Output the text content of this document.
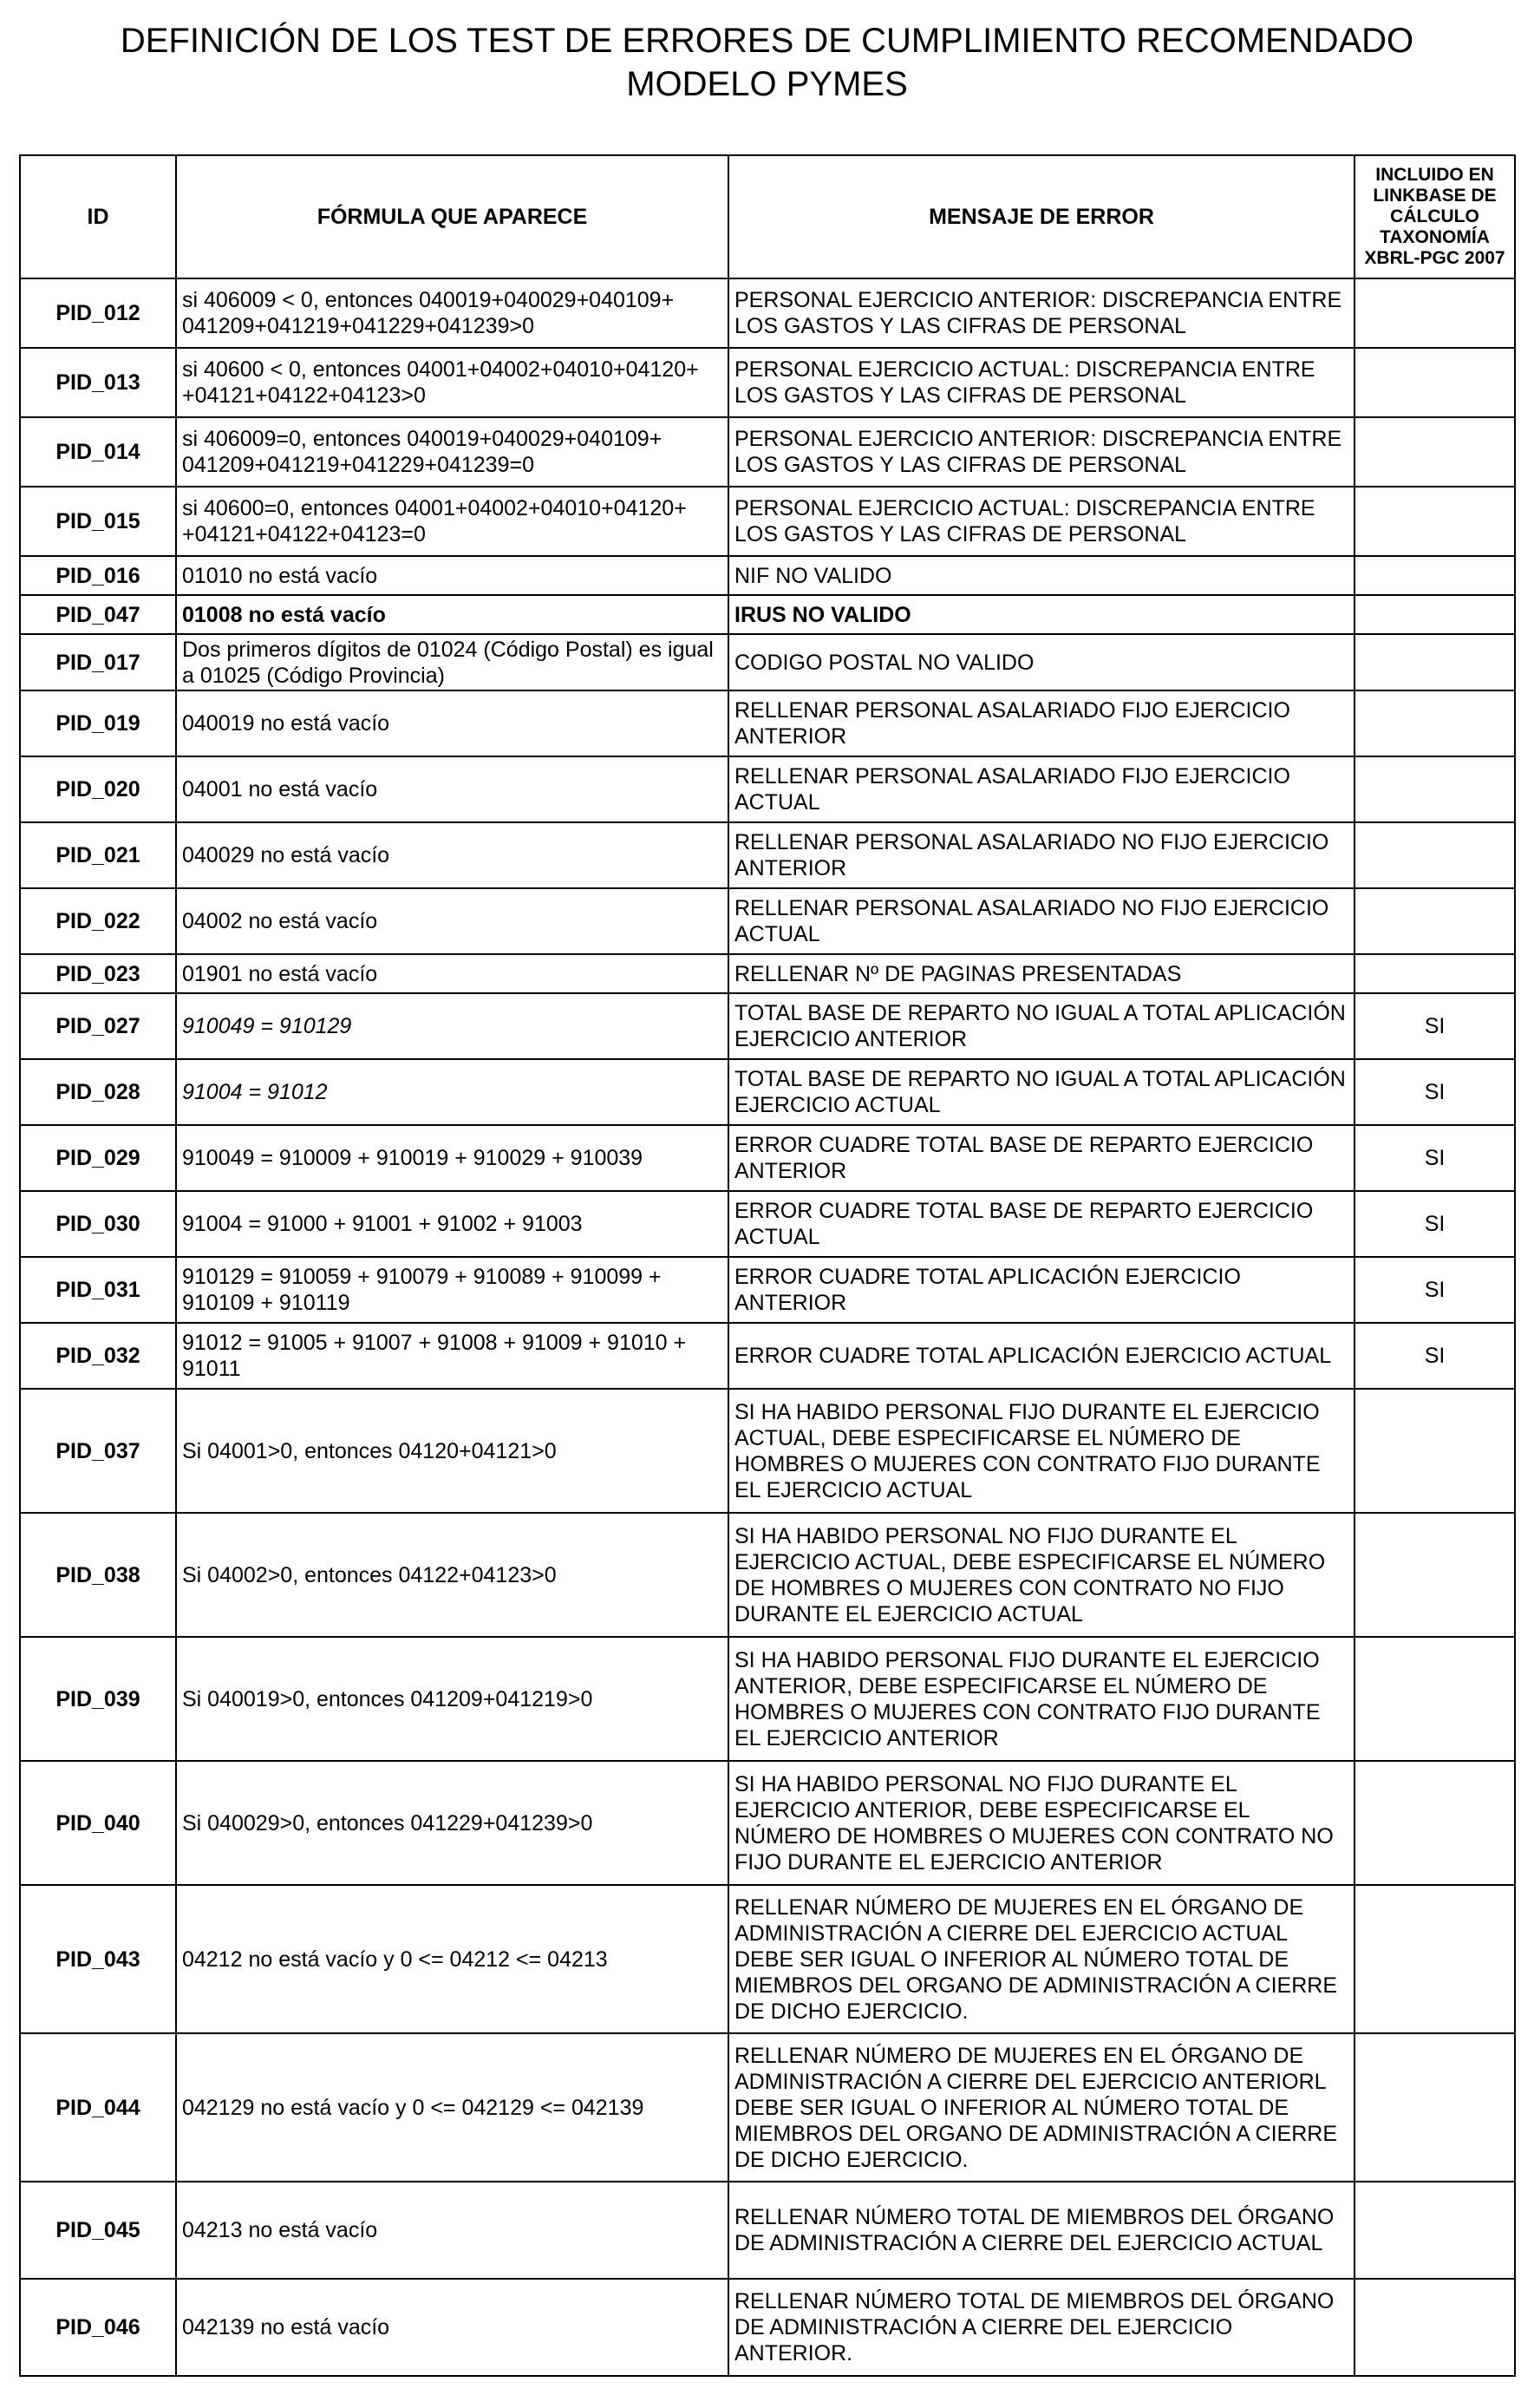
DEFINICIÓN DE LOS TEST DE ERRORES DE CUMPLIMIENTO RECOMENDADO
MODELO PYMES
ID	FÓRMULA QUE APARECE	MENSAJE DE ERROR	INCLUIDO EN LINKBASE DE CÁLCULO TAXONOMÍA XBRL-PGC 2007
PID_012	si 406009 < 0, entonces 040019+040029+040109+ 041209+041219+041229+041239>0	PERSONAL EJERCICIO ANTERIOR: DISCREPANCIA ENTRE LOS GASTOS Y LAS CIFRAS DE PERSONAL	
PID_013	si 40600 < 0, entonces 04001+04002+04010+04120+ +04121+04122+04123>0	PERSONAL EJERCICIO ACTUAL: DISCREPANCIA ENTRE LOS GASTOS Y LAS CIFRAS DE PERSONAL	
PID_014	si 406009=0, entonces 040019+040029+040109+ 041209+041219+041229+041239=0	PERSONAL EJERCICIO ANTERIOR: DISCREPANCIA ENTRE LOS GASTOS Y LAS CIFRAS DE PERSONAL	
PID_015	si 40600=0, entonces 04001+04002+04010+04120+ +04121+04122+04123=0	PERSONAL EJERCICIO ACTUAL: DISCREPANCIA ENTRE LOS GASTOS Y LAS CIFRAS DE PERSONAL	
PID_016	01010 no está vacío	NIF NO VALIDO	
PID_047	01008 no está vacío	IRUS NO VALIDO	
PID_017	Dos primeros dígitos de 01024 (Código Postal) es igual a 01025 (Código Provincia)	CODIGO POSTAL NO VALIDO	
PID_019	040019 no está vacío	RELLENAR PERSONAL ASALARIADO FIJO EJERCICIO ANTERIOR	
PID_020	04001 no está vacío	RELLENAR PERSONAL ASALARIADO FIJO EJERCICIO ACTUAL	
PID_021	040029 no está vacío	RELLENAR PERSONAL ASALARIADO NO FIJO EJERCICIO ANTERIOR	
PID_022	04002 no está vacío	RELLENAR PERSONAL ASALARIADO NO FIJO EJERCICIO ACTUAL	
PID_023	01901 no está vacío	RELLENAR Nº DE PAGINAS PRESENTADAS	
PID_027	910049 = 910129	TOTAL BASE DE REPARTO NO IGUAL A TOTAL APLICACIÓN EJERCICIO ANTERIOR	SI
PID_028	91004 = 91012	TOTAL BASE DE REPARTO NO IGUAL A TOTAL APLICACIÓN EJERCICIO ACTUAL	SI
PID_029	910049 = 910009 + 910019 + 910029 + 910039	ERROR CUADRE TOTAL BASE DE REPARTO EJERCICIO ANTERIOR	SI
PID_030	91004 = 91000 + 91001 + 91002 + 91003	ERROR CUADRE TOTAL BASE DE REPARTO EJERCICIO ACTUAL	SI
PID_031	910129 = 910059 + 910079 + 910089 + 910099 + 910109 + 910119	ERROR CUADRE TOTAL APLICACIÓN EJERCICIO ANTERIOR	SI
PID_032	91012 = 91005 + 91007 + 91008 + 91009 + 91010 + 91011	ERROR CUADRE TOTAL APLICACIÓN EJERCICIO ACTUAL	SI
PID_037	Si 04001>0, entonces 04120+04121>0	SI HA HABIDO PERSONAL FIJO DURANTE EL EJERCICIO ACTUAL, DEBE ESPECIFICARSE EL NÚMERO DE HOMBRES O MUJERES CON CONTRATO FIJO DURANTE EL EJERCICIO ACTUAL	
PID_038	Si 04002>0, entonces 04122+04123>0	SI HA HABIDO PERSONAL NO FIJO DURANTE EL EJERCICIO ACTUAL, DEBE ESPECIFICARSE EL NÚMERO DE HOMBRES O MUJERES CON CONTRATO NO FIJO DURANTE EL EJERCICIO ACTUAL	
PID_039	Si 040019>0, entonces 041209+041219>0	SI HA HABIDO PERSONAL FIJO DURANTE EL EJERCICIO ANTERIOR, DEBE ESPECIFICARSE EL NÚMERO DE HOMBRES O MUJERES CON CONTRATO FIJO DURANTE EL EJERCICIO ANTERIOR	
PID_040	Si 040029>0, entonces 041229+041239>0	SI HA HABIDO PERSONAL NO FIJO DURANTE EL EJERCICIO ANTERIOR, DEBE ESPECIFICARSE EL NÚMERO DE HOMBRES O MUJERES CON CONTRATO NO FIJO DURANTE EL EJERCICIO ANTERIOR	
PID_043	04212 no está vacío y 0 <= 04212 <= 04213	RELLENAR NÚMERO DE MUJERES EN EL ÓRGANO DE ADMINISTRACIÓN A CIERRE DEL EJERCICIO ACTUAL DEBE SER IGUAL O INFERIOR AL NÚMERO TOTAL DE MIEMBROS DEL ORGANO DE ADMINISTRACIÓN A CIERRE DE DICHO EJERCICIO.	
PID_044	042129 no está vacío y 0 <= 042129 <= 042139	RELLENAR NÚMERO DE MUJERES EN EL ÓRGANO DE ADMINISTRACIÓN A CIERRE DEL EJERCICIO ANTERIORL DEBE SER IGUAL O INFERIOR AL NÚMERO TOTAL DE MIEMBROS DEL ORGANO DE ADMINISTRACIÓN A CIERRE DE DICHO EJERCICIO.	
PID_045	04213 no está vacío	RELLENAR NÚMERO TOTAL DE MIEMBROS DEL ÓRGANO DE ADMINISTRACIÓN A CIERRE DEL EJERCICIO ACTUAL	
PID_046	042139 no está vacío	RELLENAR NÚMERO TOTAL DE MIEMBROS DEL ÓRGANO DE ADMINISTRACIÓN A CIERRE DEL EJERCICIO ANTERIOR.	
